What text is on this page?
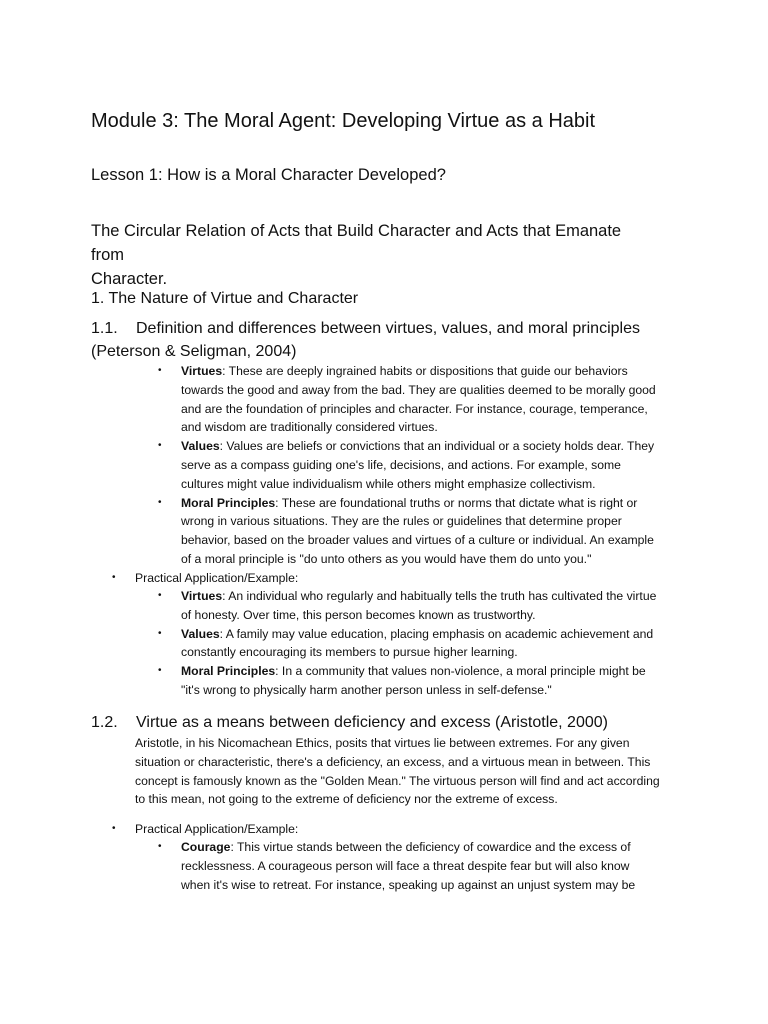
Module 3: The Moral Agent: Developing Virtue as a Habit
Lesson 1: How is a Moral Character Developed?
The Circular Relation of Acts that Build Character and Acts that Emanate from
Character.
1. The Nature of Virtue and Character
1.1. Definition and differences between virtues, values, and moral principles
(Peterson & Seligman, 2004)
• Virtues: These are deeply ingrained habits or dispositions that guide our behaviors towards the good and away from the bad. They are qualities deemed to be morally good and are the foundation of principles and character. For instance, courage, temperance, and wisdom are traditionally considered virtues.
• Values: Values are beliefs or convictions that an individual or a society holds dear. They serve as a compass guiding one's life, decisions, and actions. For example, some cultures might value individualism while others might emphasize collectivism.
• Moral Principles: These are foundational truths or norms that dictate what is right or wrong in various situations. They are the rules or guidelines that determine proper behavior, based on the broader values and virtues of a culture or individual. An example of a moral principle is "do unto others as you would have them do unto you."
• Practical Application/Example:
• Virtues: An individual who regularly and habitually tells the truth has cultivated the virtue of honesty. Over time, this person becomes known as trustworthy.
• Values: A family may value education, placing emphasis on academic achievement and constantly encouraging its members to pursue higher learning.
• Moral Principles: In a community that values non-violence, a moral principle might be "it's wrong to physically harm another person unless in self-defense."
1.2. Virtue as a means between deficiency and excess (Aristotle, 2000)

Aristotle, in his Nicomachean Ethics, posits that virtues lie between extremes. For any given situation or characteristic, there's a deficiency, an excess, and a virtuous mean in between. This concept is famously known as the "Golden Mean." The virtuous person will find and act according to this mean, not going to the extreme of deficiency nor the extreme of excess.

• Practical Application/Example:
• Courage: This virtue stands between the deficiency of cowardice and the excess of recklessness. A courageous person will face a threat despite fear but will also know when it's wise to retreat. For instance, speaking up against an unjust system may be
